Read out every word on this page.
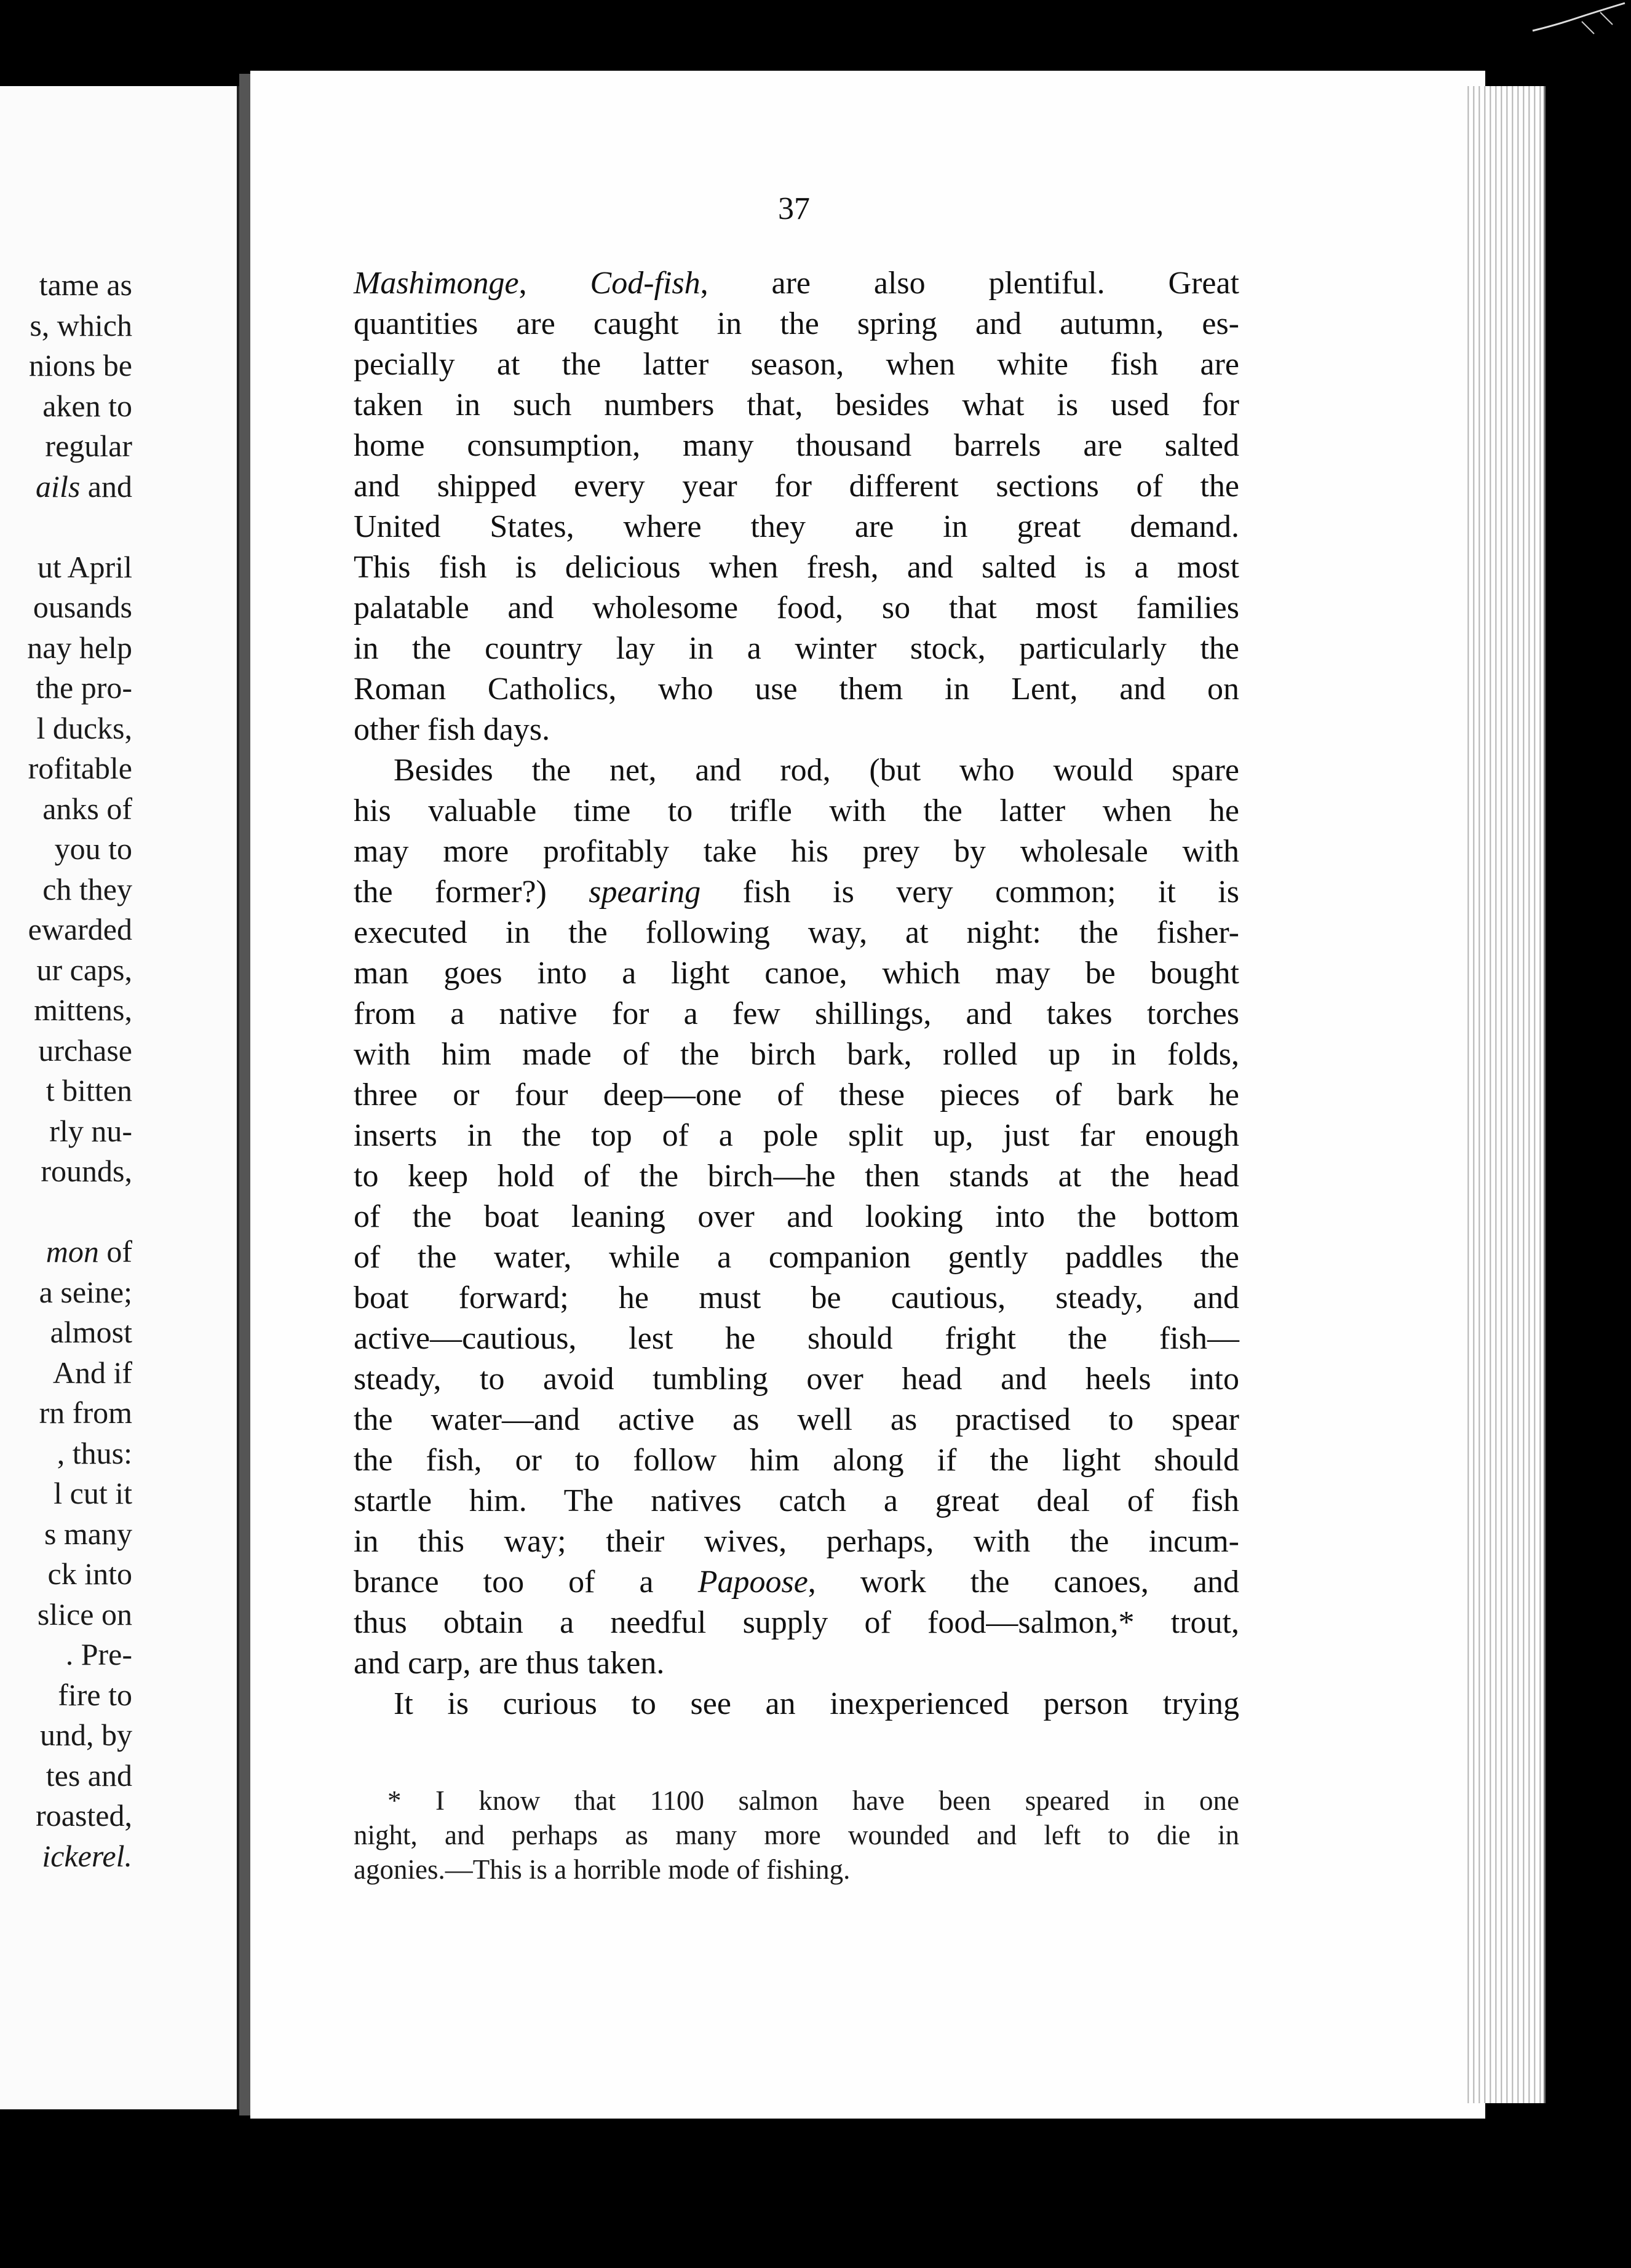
tame as
s, which
nions be
aken to
regular
ails and
ut April
ousands
nay help
the pro-
l ducks,
rofitable
anks of
you to
ch they
ewarded
ur caps,
mittens,
urchase
t bitten
rly nu-
rounds,
mon of
a seine;
almost
And if
rn from
, thus:
l cut it
s many
ck into
slice on
. Pre-
fire to
und, by
tes and
roasted,
ickerel.
37
Mashimonge, Cod-fish, are also plentiful. Great
quantities are caught in the spring and autumn, es-
pecially at the latter season, when white fish are
taken in such numbers that, besides what is used for
home consumption, many thousand barrels are salted
and shipped every year for different sections of the
United States, where they are in great demand.
This fish is delicious when fresh, and salted is a most
palatable and wholesome food, so that most families
in the country lay in a winter stock, particularly the
Roman Catholics, who use them in Lent, and on
other fish days.
Besides the net, and rod, (but who would spare
his valuable time to trifle with the latter when he
may more profitably take his prey by wholesale with
the former?) spearing fish is very common; it is
executed in the following way, at night: the fisher-
man goes into a light canoe, which may be bought
from a native for a few shillings, and takes torches
with him made of the birch bark, rolled up in folds,
three or four deep—one of these pieces of bark he
inserts in the top of a pole split up, just far enough
to keep hold of the birch—he then stands at the head
of the boat leaning over and looking into the bottom
of the water, while a companion gently paddles the
boat forward; he must be cautious, steady, and
active—cautious, lest he should fright the fish—
steady, to avoid tumbling over head and heels into
the water—and active as well as practised to spear
the fish, or to follow him along if the light should
startle him. The natives catch a great deal of fish
in this way; their wives, perhaps, with the incum-
brance too of a Papoose, work the canoes, and
thus obtain a needful supply of food—salmon,* trout,
and carp, are thus taken.
It is curious to see an inexperienced person trying
* I know that 1100 salmon have been speared in one
night, and perhaps as many more wounded and left to die in
agonies.—This is a horrible mode of fishing.
